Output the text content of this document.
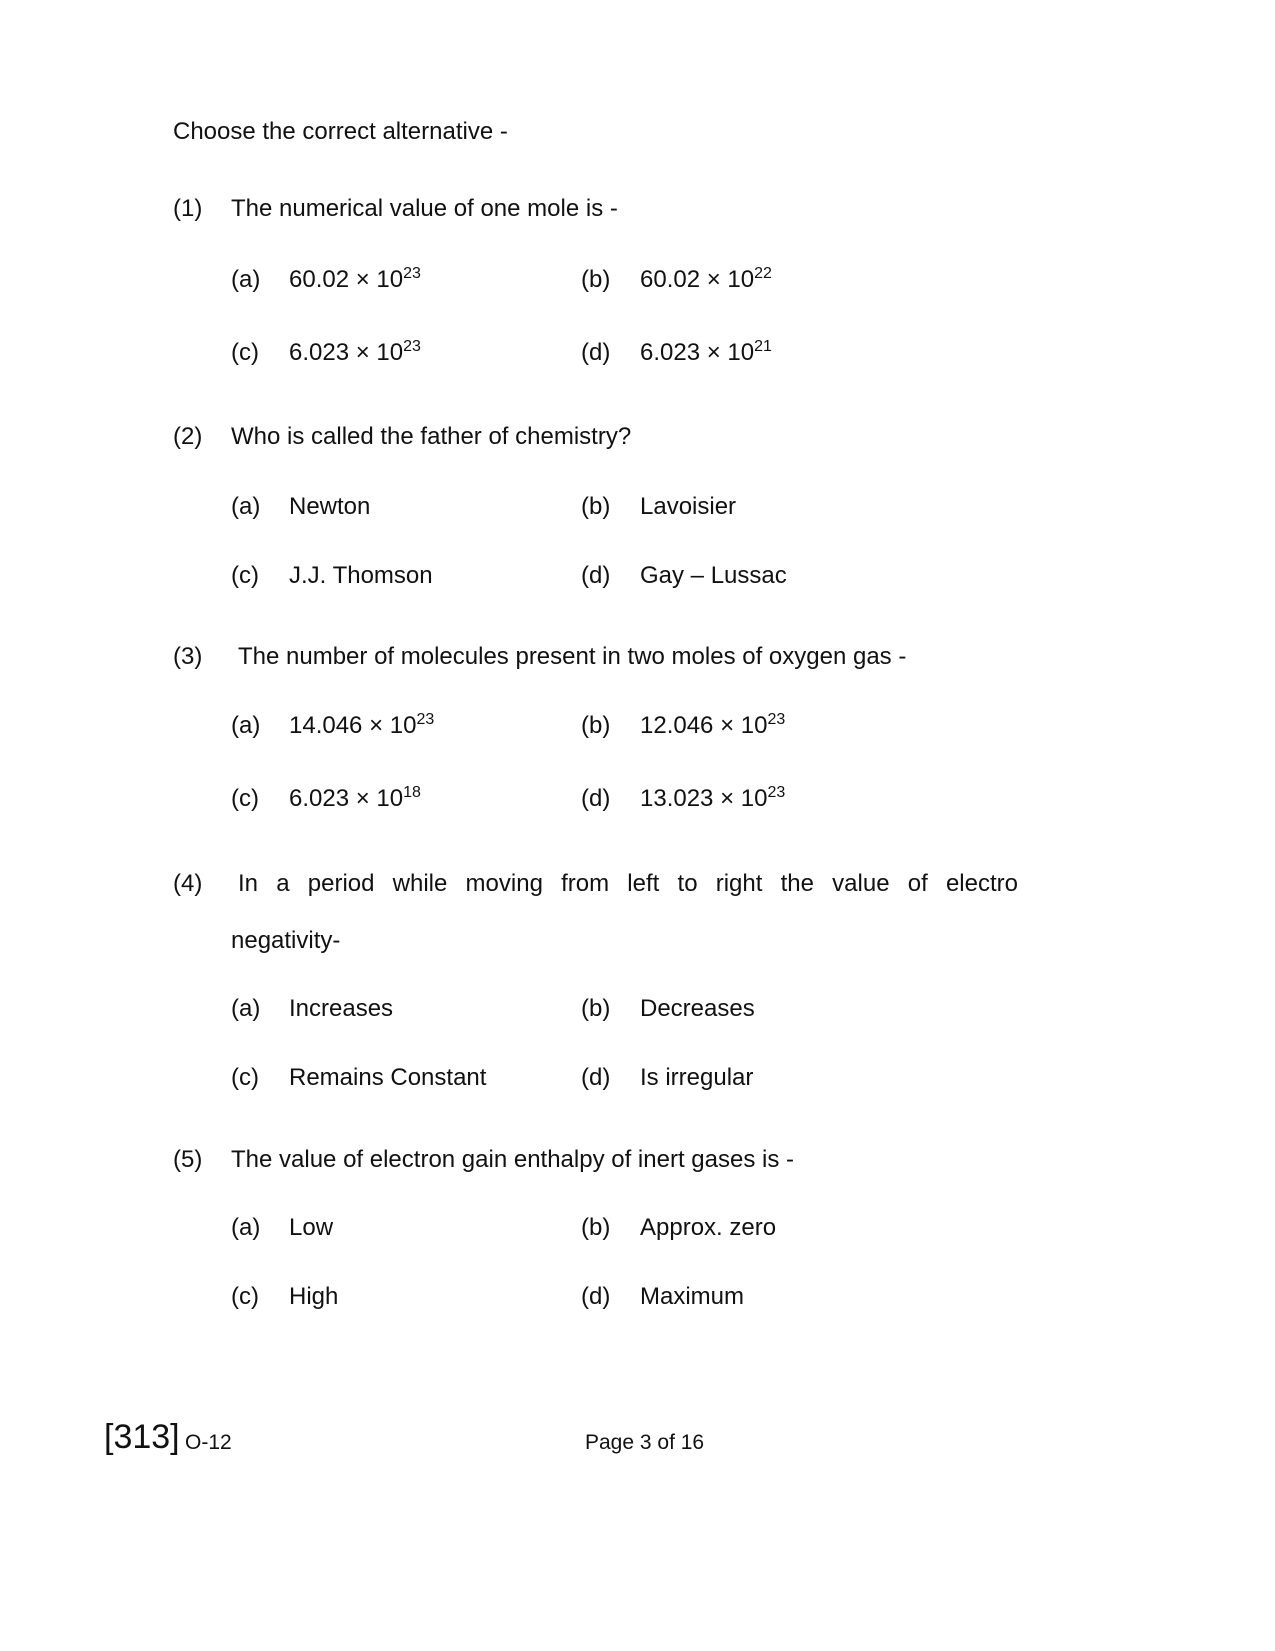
Choose the correct alternative -
(1) The numerical value of one mole is -
(a) $60.02 \times 10^{23}$	(b) $60.02 \times 10^{22}$
(c) $6.023 \times 10^{23}$	(d) $6.023 \times 10^{21}$
(2) Who is called the father of chemistry?
(a) Newton	(b) Lavoisier
(c) J.J. Thomson	(d) Gay – Lussac
(3) The number of molecules present in two moles of oxygen gas -
(a) $14.046 \times 10^{23}$	(b) $12.046 \times 10^{23}$
(c) $6.023 \times 10^{18}$	(d) $13.023 \times 10^{23}$
(4) In a period while moving from left to right the value of electro
negativity-
(a) Increases	(b) Decreases
(c) Remains Constant	(d) Is irregular
(5) The value of electron gain enthalpy of inert gases is -
(a) Low	(b) Approx. zero
(c) High	(d) Maximum
[313] O-12	Page 3 of 16
